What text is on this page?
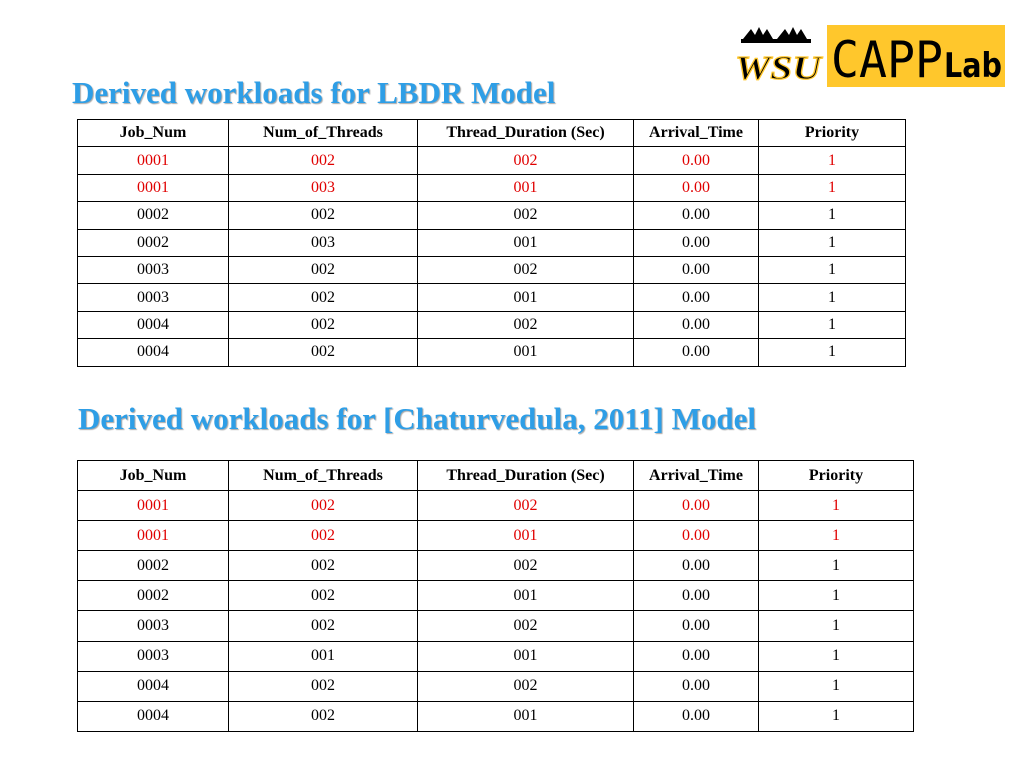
WSU CAPP Lab
Derived workloads for LBDR Model
Job_Num	Num_of_Threads	Thread_Duration (Sec)	Arrival_Time	Priority
0001	002	002	0.00	1
0001	003	001	0.00	1
0002	002	002	0.00	1
0002	003	001	0.00	1
0003	002	002	0.00	1
0003	002	001	0.00	1
0004	002	002	0.00	1
0004	002	001	0.00	1
Derived workloads for [Chaturvedula, 2011] Model
Job_Num	Num_of_Threads	Thread_Duration (Sec)	Arrival_Time	Priority
0001	002	002	0.00	1
0001	002	001	0.00	1
0002	002	002	0.00	1
0002	002	001	0.00	1
0003	002	002	0.00	1
0003	001	001	0.00	1
0004	002	002	0.00	1
0004	002	001	0.00	1
